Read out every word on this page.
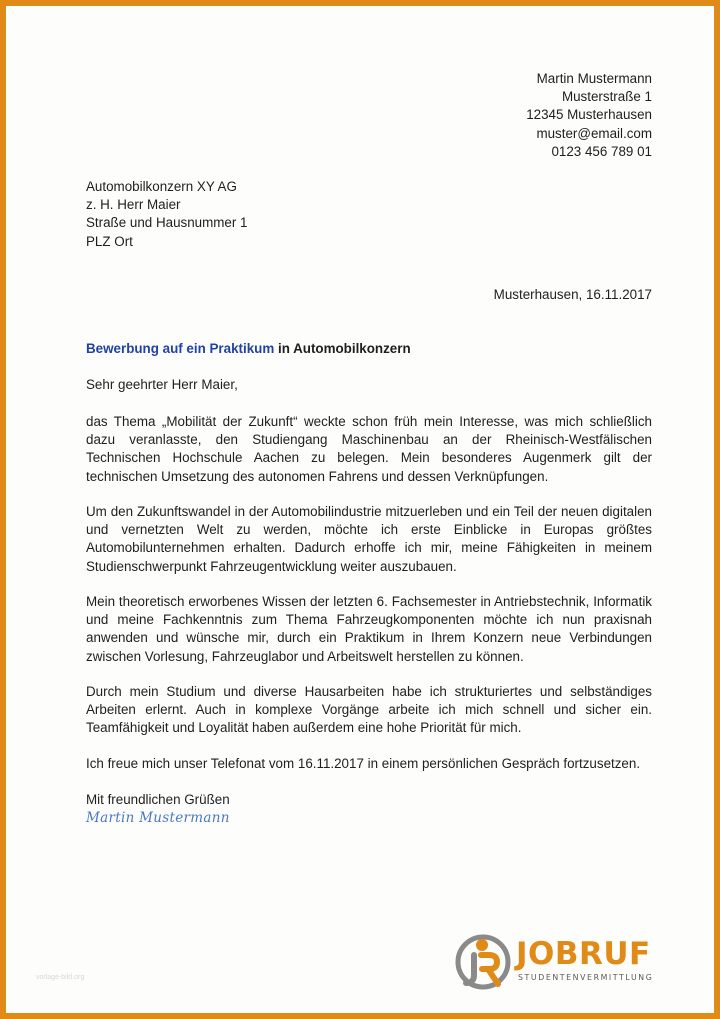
Martin Mustermann
Musterstraße 1
12345 Musterhausen
muster@email.com
0123 456 789 01
Automobilkonzern XY AG
z. H. Herr Maier
Straße und Hausnummer 1
PLZ Ort
Musterhausen, 16.11.2017
Bewerbung auf ein Praktikum in Automobilkonzern
Sehr geehrter Herr Maier,
das Thema „Mobilität der Zukunft“ weckte schon früh mein Interesse, was mich schließlich dazu veranlasste, den Studiengang Maschinenbau an der Rheinisch-Westfälischen Technischen Hochschule Aachen zu belegen. Mein besonderes Augenmerk gilt der technischen Umsetzung des autonomen Fahrens und dessen Verknüpfungen.
Um den Zukunftswandel in der Automobilindustrie mitzuerleben und ein Teil der neuen digitalen und vernetzten Welt zu werden, möchte ich erste Einblicke in Europas größtes Automobilunternehmen erhalten. Dadurch erhoffe ich mir, meine Fähigkeiten in meinem Studienschwerpunkt Fahrzeugentwicklung weiter auszubauen.
Mein theoretisch erworbenes Wissen der letzten 6. Fachsemester in Antriebstechnik, Informatik und meine Fachkenntnis zum Thema Fahrzeugkomponenten möchte ich nun praxisnah anwenden und wünsche mir, durch ein Praktikum in Ihrem Konzern neue Verbindungen zwischen Vorlesung, Fahrzeuglabor und Arbeitswelt herstellen zu können.
Durch mein Studium und diverse Hausarbeiten habe ich strukturiertes und selbständiges Arbeiten erlernt. Auch in komplexe Vorgänge arbeite ich mich schnell und sicher ein. Teamfähigkeit und Loyalität haben außerdem eine hohe Priorität für mich.
Ich freue mich unser Telefonat vom 16.11.2017 in einem persönlichen Gespräch fortzusetzen.
Mit freundlichen Grüßen
Martin Mustermann
vorlage-bild.org
JOBRUF
STUDENTENVERMITTLUNG
